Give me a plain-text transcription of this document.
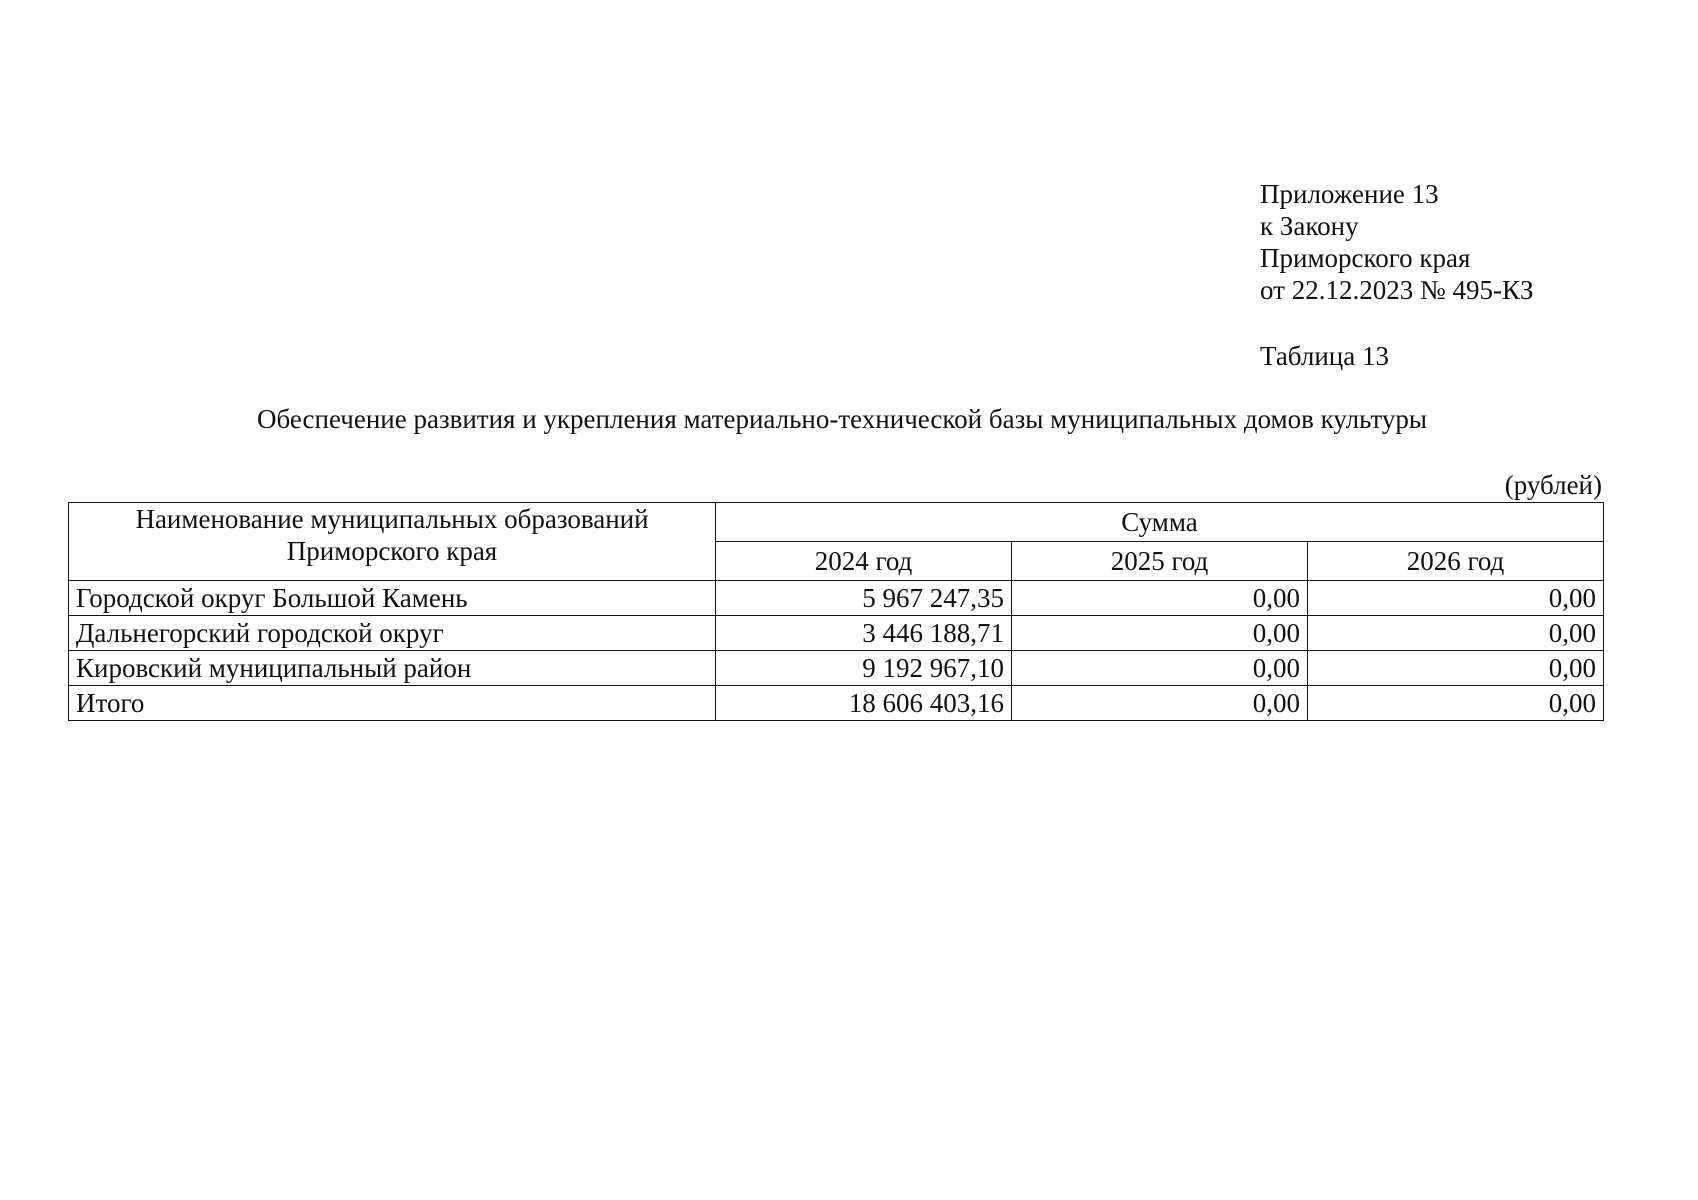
Приложение 13
к Закону
Приморского края
от 22.12.2023 № 495-КЗ
Таблица 13
Обеспечение развития и укрепления материально-технической базы муниципальных домов культуры
(рублей)
Наименование муниципальных образований Приморского края	Сумма		
	2024 год	2025 год	2026 год
Городской округ Большой Камень	5 967 247,35	0,00	0,00
Дальнегорский городской округ	3 446 188,71	0,00	0,00
Кировский муниципальный район	9 192 967,10	0,00	0,00
Итого	18 606 403,16	0,00	0,00
